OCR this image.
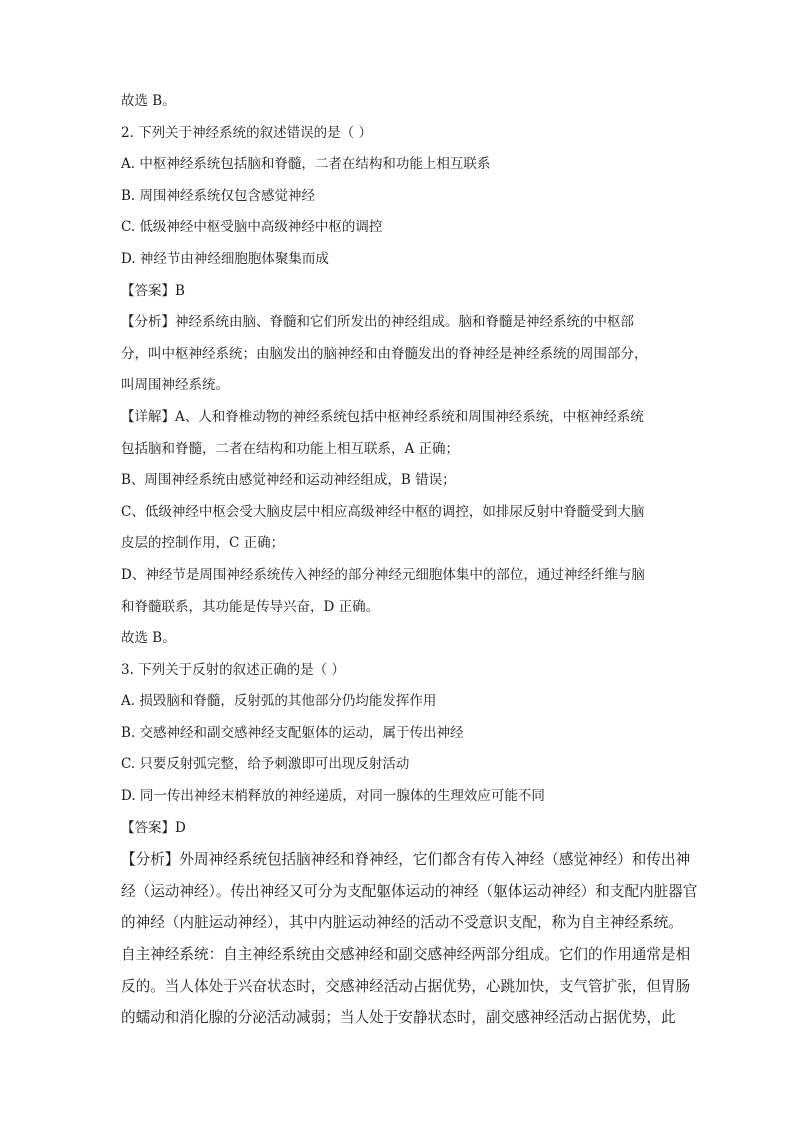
故选 B。

2. 下列关于神经系统的叙述错误的是（ ）

A. 中枢神经系统包括脑和脊髓，二者在结构和功能上相互联系

B. 周围神经系统仅包含感觉神经

C. 低级神经中枢受脑中高级神经中枢的调控

D. 神经节由神经细胞胞体聚集而成

【答案】B

【分析】神经系统由脑、脊髓和它们所发出的神经组成。脑和脊髓是神经系统的中枢部

分，叫中枢神经系统；由脑发出的脑神经和由脊髓发出的脊神经是神经系统的周围部分，

叫周围神经系统。

【详解】A、人和脊椎动物的神经系统包括中枢神经系统和周围神经系统，中枢神经系统

包括脑和脊髓，二者在结构和功能上相互联系，A 正确；

B、周围神经系统由感觉神经和运动神经组成，B 错误；

C、低级神经中枢会受大脑皮层中相应高级神经中枢的调控，如排尿反射中脊髓受到大脑

皮层的控制作用，C 正确；

D、神经节是周围神经系统传入神经的部分神经元细胞体集中的部位，通过神经纤维与脑

和脊髓联系，其功能是传导兴奋，D 正确。

故选 B。

3. 下列关于反射的叙述正确的是（ ）

A. 损毁脑和脊髓，反射弧的其他部分仍均能发挥作用

B. 交感神经和副交感神经支配躯体的运动，属于传出神经

C. 只要反射弧完整，给予刺激即可出现反射活动

D. 同一传出神经末梢释放的神经递质，对同一腺体的生理效应可能不同

【答案】D

【分析】外周神经系统包括脑神经和脊神经，它们都含有传入神经（感觉神经）和传出神

经（运动神经）。传出神经又可分为支配躯体运动的神经（躯体运动神经）和支配内脏器官

的神经（内脏运动神经），其中内脏运动神经的活动不受意识支配，称为自主神经系统。

自主神经系统：自主神经系统由交感神经和副交感神经两部分组成。它们的作用通常是相

反的。当人体处于兴奋状态时，交感神经活动占据优势，心跳加快，支气管扩张，但胃肠

的蠕动和消化腺的分泌活动减弱；当人处于安静状态时，副交感神经活动占据优势，此
